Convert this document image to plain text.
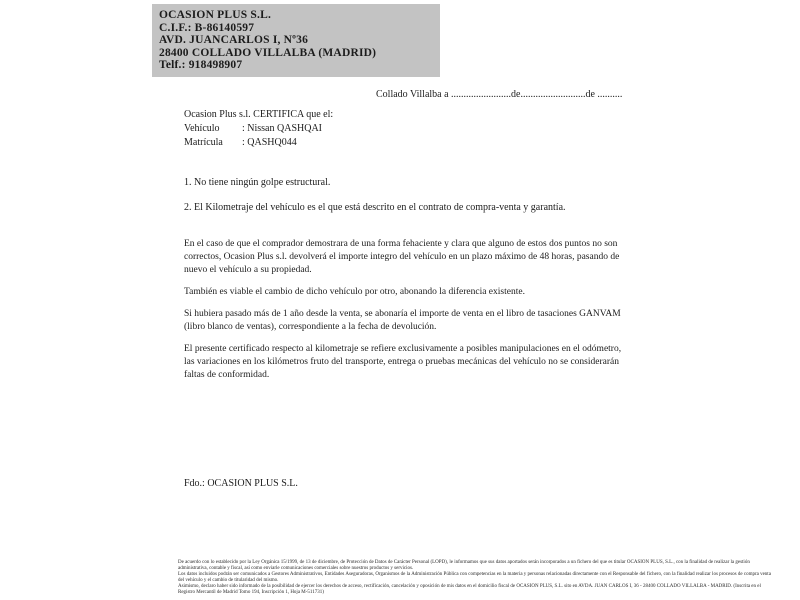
OCASION PLUS S.L.
C.I.F.: B-86140597
AVD. JUANCARLOS I, Nº36
28400 COLLADO VILLALBA (MADRID)
Telf.: 918498907
Collado Villalba a ........................de..........................de ..........
Ocasion Plus s.l. CERTIFICA que el:
Vehículo : Nissan QASHQAI
Matrícula : QASHQ044
1. No tiene ningún golpe estructural.
2. El Kilometraje del vehículo es el que está descrito en el contrato de compra-venta y garantía.

En el caso de que el comprador demostrara de una forma fehaciente y clara que alguno de estos dos puntos no son correctos, Ocasion Plus s.l. devolverá el importe integro del vehículo en un plazo máximo de 48 horas, pasando de nuevo el vehículo a su propiedad.

También es viable el cambio de dicho vehículo por otro, abonando la diferencia existente.

Si hubiera pasado más de 1 año desde la venta, se abonaría el importe de venta en el libro de tasaciones GANVAM (libro blanco de ventas), correspondiente a la fecha de devolución.

El presente certificado respecto al kilometraje se refiere exclusivamente a posibles manipulaciones en el odómetro, las variaciones en los kilómetros fruto del transporte, entrega o pruebas mecánicas del vehículo no se considerarán faltas de conformidad.

Fdo.: OCASION PLUS S.L.

De acuerdo con lo establecido por la Ley Orgánica 15/1999, de 13 de diciembre, de Protección de Datos de Carácter Personal (LOPD), le informamos que sus datos aportados serán incorporados a un fichero del que es titular OCASION PLUS, S.L., con la finalidad de realizar la gestión administrativa, contable y fiscal, así como enviarle comunicaciones comerciales sobre nuestros productos y servicios.

Los datos incluidos podrán ser comunicados a Gestores Administrativos, Entidades Aseguradoras, Organismos de la Administración Pública con competencias en la materia y personas relacionadas directamente con el Responsable del fichero, con la finalidad realizar los procesos de compra venta del vehículo y el cambio de titularidad del mismo.

Asimismo, declaro haber sido informado de la posibilidad de ejercer los derechos de acceso, rectificación, cancelación y oposición de mis datos en el domicilio fiscal de OCASION PLUS, S.L. sito en AVDA. JUAN CARLOS I, 36 - 28400 COLLADO VILLALBA - MADRID. (Inscrita en el Registro Mercantil de Madrid Tomo 194, Inscripción 1, Hoja M-511731)
